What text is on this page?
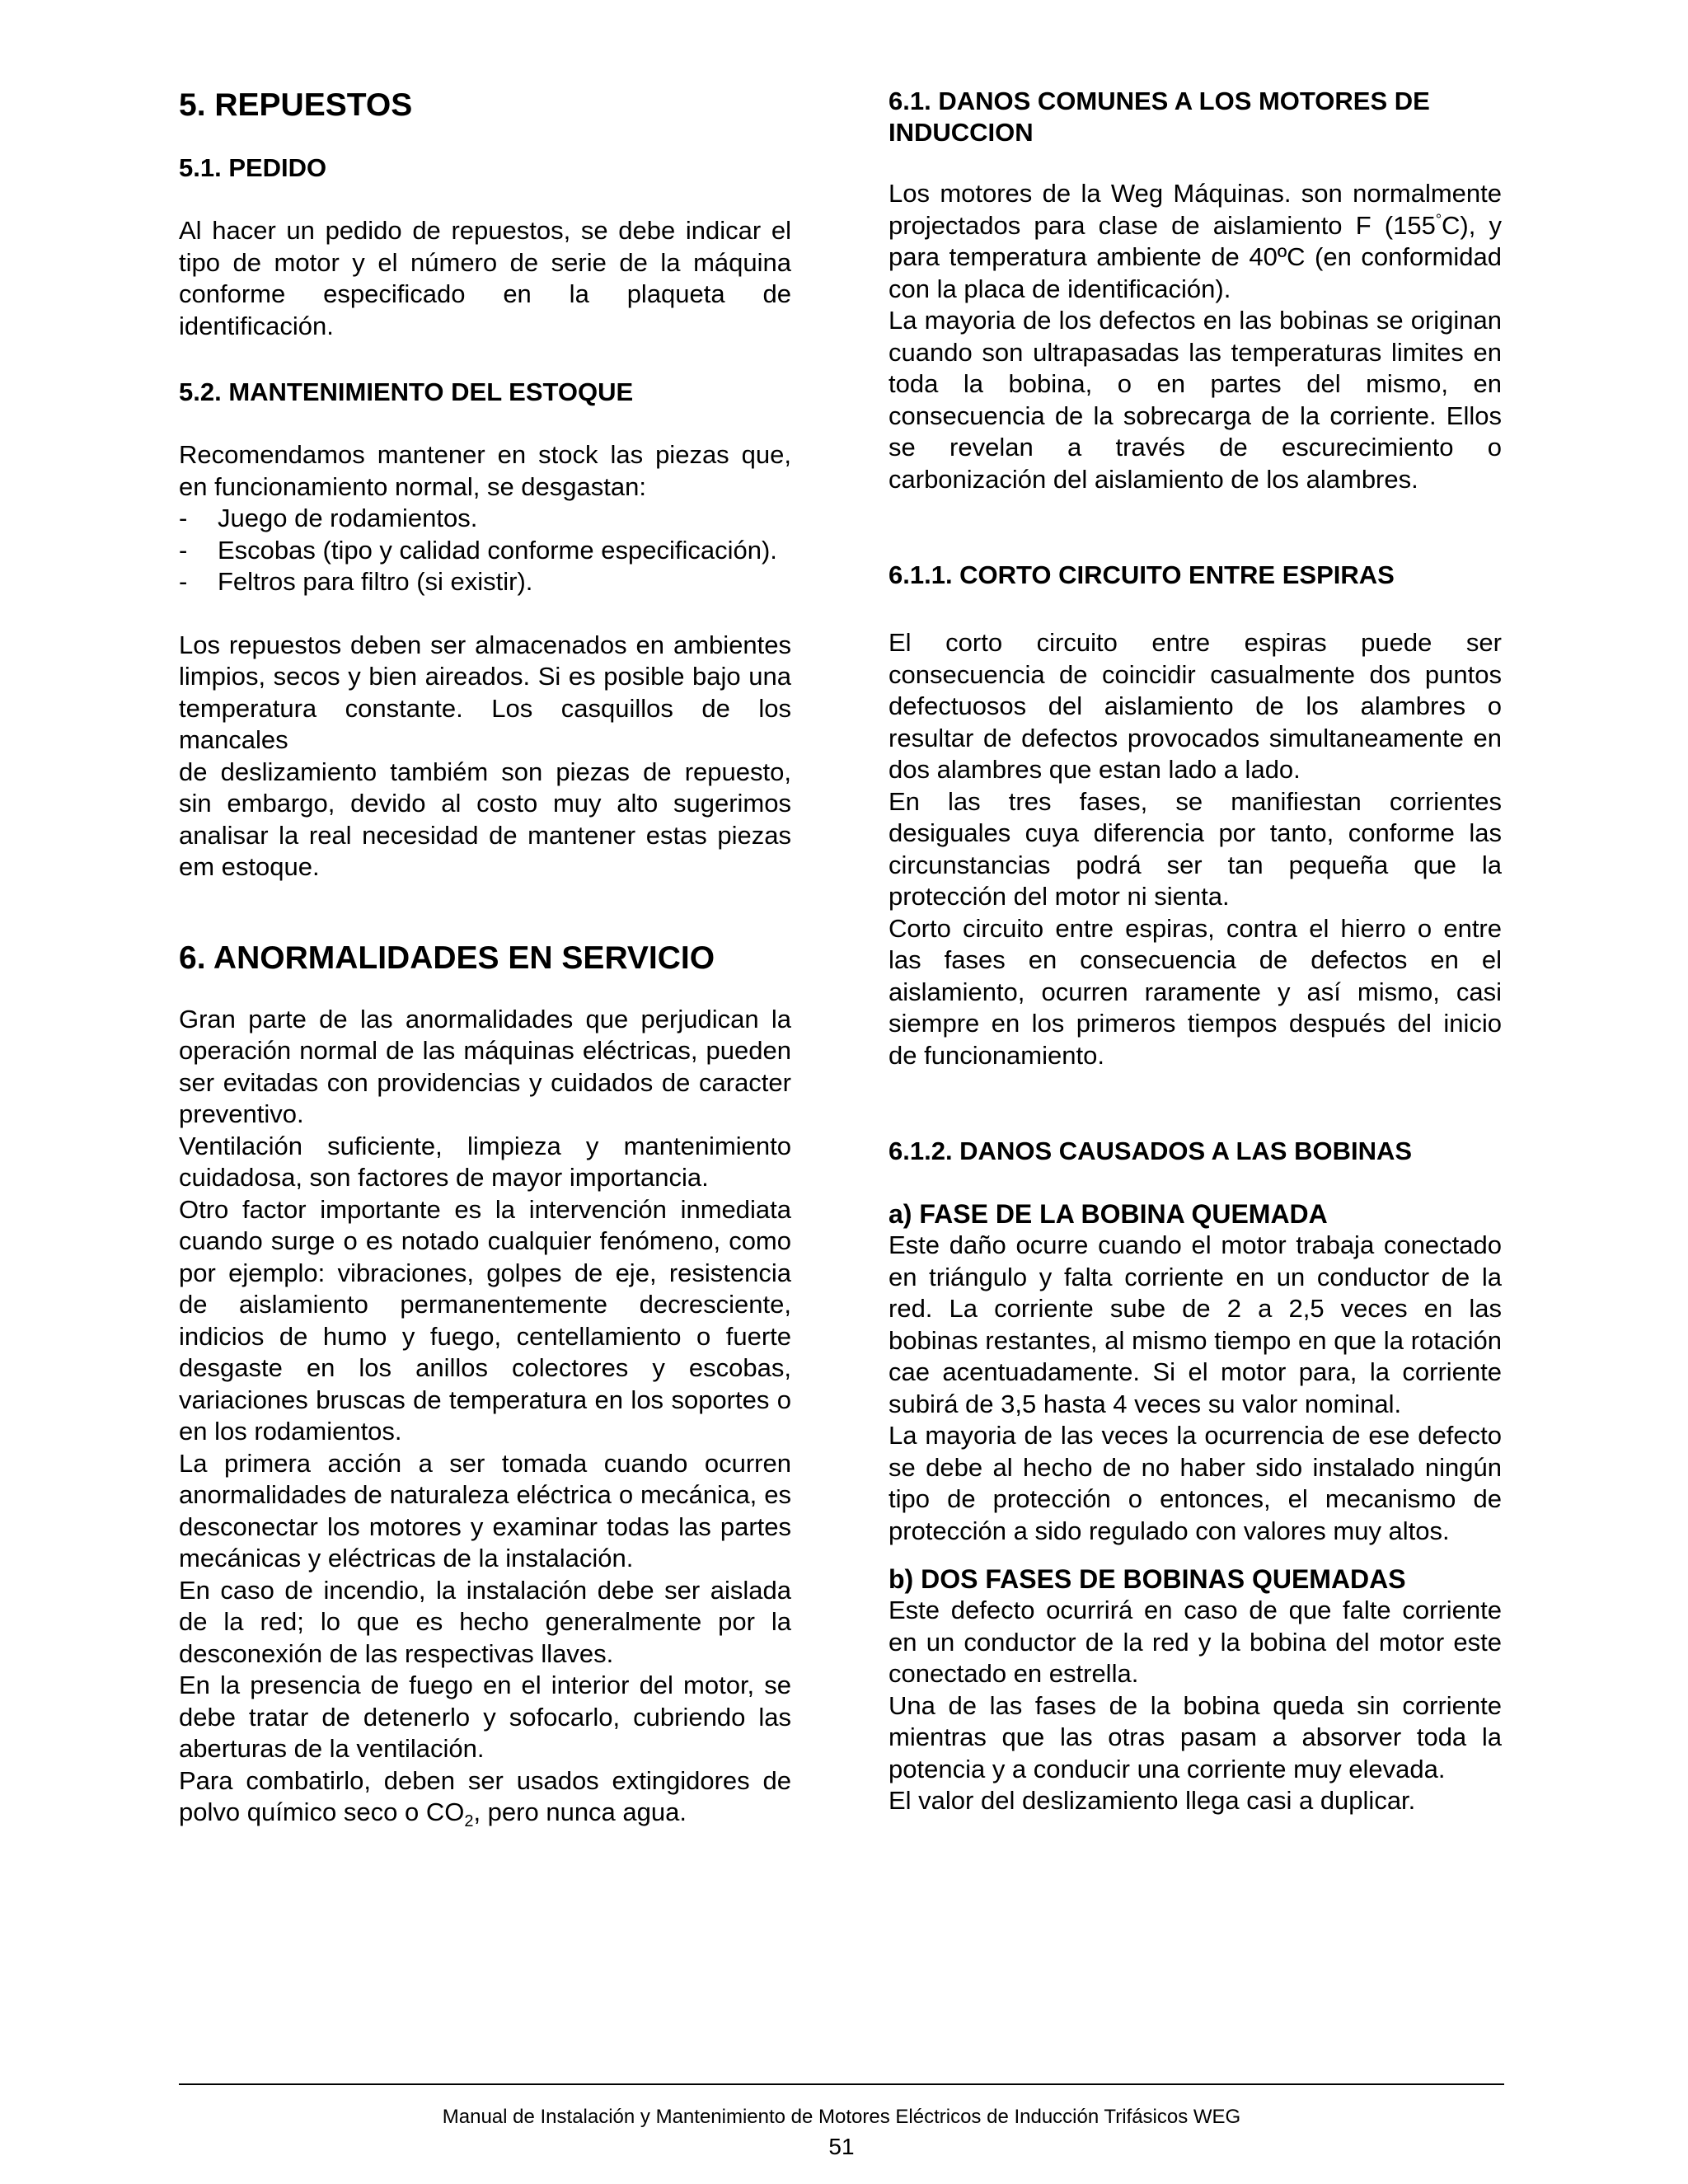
5. REPUESTOS
5.1. PEDIDO

Al hacer un pedido de repuestos, se debe indicar el tipo de motor y el número de serie de la máquina conforme especificado en la plaqueta de identificación.

5.2. MANTENIMIENTO DEL ESTOQUE

Recomendamos mantener en stock las piezas que, en funcionamiento normal, se desgastan:

-	Juego de rodamientos.
-	Escobas (tipo y calidad conforme especificación).
-	Feltros para filtro (si existir).

Los repuestos deben ser almacenados en ambientes limpios, secos y bien aireados. Si es posible bajo una temperatura constante. Los casquillos de los mancales

de deslizamiento tambiém son piezas de repuesto, sin embargo, devido al costo muy alto sugerimos analisar la real necesidad de mantener estas piezas em estoque.

6. ANORMALIDADES EN SERVICIO

Gran parte de las anormalidades que perjudican la operación normal de las máquinas eléctricas, pueden ser evitadas con providencias y cuidados de caracter preventivo.

Ventilación suficiente, limpieza y mantenimiento cuidadosa, son factores de mayor importancia.

Otro factor importante es la intervención inmediata cuando surge o es notado cualquier fenómeno, como por ejemplo: vibraciones, golpes de eje, resistencia de aislamiento permanentemente decresciente, indicios de humo y fuego, centellamiento o fuerte desgaste en los anillos colectores y escobas, variaciones bruscas de temperatura en los soportes o en los rodamientos.

La primera acción a ser tomada cuando ocurren anormalidades de naturaleza eléctrica o mecánica, es desconectar los motores y examinar todas las partes mecánicas y eléctricas de la instalación.

En caso de incendio, la instalación debe ser aislada de la red; lo que es hecho generalmente por la desconexión de las respectivas llaves.

En la presencia de fuego en el interior del motor, se debe tratar de detenerlo y sofocarlo, cubriendo las aberturas de la ventilación.

Para combatirlo, deben ser usados extingidores de polvo químico seco o $CO_2$, pero nunca agua.

6.1. DANOS COMUNES A LOS MOTORES DE INDUCCION

Los motores de la Weg Máquinas. son normalmente projectados para clase de aislamiento F (155°C), y para temperatura ambiente de 40ºC (en conformidad con la placa de identificación).

La mayoria de los defectos en las bobinas se originan cuando son ultrapasadas las temperaturas limites en toda la bobina, o en partes del mismo, en consecuencia de la sobrecarga de la corriente. Ellos se revelan a través de escurecimiento o carbonización del aislamiento de los alambres.

6.1.1. CORTO CIRCUITO ENTRE ESPIRAS

El corto circuito entre espiras puede ser consecuencia de coincidir casualmente dos puntos defectuosos del aislamiento de los alambres o resultar de defectos provocados simultaneamente en dos alambres que estan lado a lado.

En las tres fases, se manifiestan corrientes desiguales cuya diferencia por tanto, conforme las circunstancias podrá ser tan pequeña que la protección del motor ni sienta.

Corto circuito entre espiras, contra el hierro o entre las fases en consecuencia de defectos en el aislamiento, ocurren raramente y así mismo, casi siempre en los primeros tiempos después del inicio de funcionamiento.

6.1.2. DANOS CAUSADOS A LAS BOBINAS
a) FASE DE LA BOBINA QUEMADA

Este daño ocurre cuando el motor trabaja conectado en triángulo y falta corriente en un conductor de la red. La corriente sube de 2 a 2,5 veces en las bobinas restantes, al mismo tiempo en que la rotación cae acentuadamente. Si el motor para, la corriente subirá de 3,5 hasta 4 veces su valor nominal.

La mayoria de las veces la ocurrencia de ese defecto se debe al hecho de no haber sido instalado ningún tipo de protección o entonces, el mecanismo de protección a sido regulado con valores muy altos.

b) DOS FASES DE BOBINAS QUEMADAS

Este defecto ocurrirá en caso de que falte corriente en un conductor de la red y la bobina del motor este conectado en estrella.

Una de las fases de la bobina queda sin corriente mientras que las otras pasam a absorver toda la potencia y a conducir una corriente muy elevada.

El valor del deslizamiento llega casi a duplicar.

Manual de Instalación y Mantenimiento de Motores Eléctricos de Inducción Trifásicos WEG
51
